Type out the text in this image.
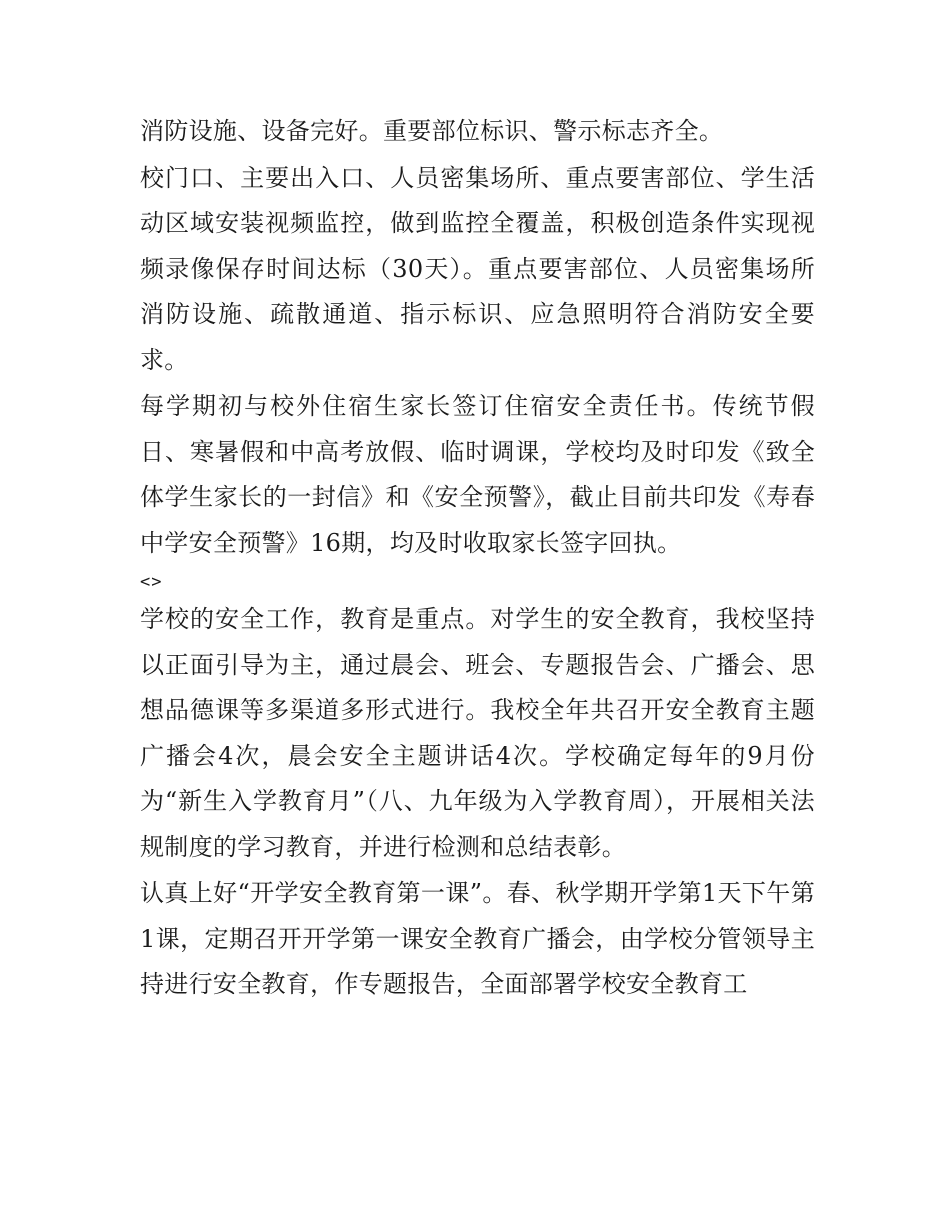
消防设施、设备完好。重要部位标识、警示标志齐全。

校门口、主要出入口、人员密集场所、重点要害部位、学生活动区域安装视频监控，做到监控全覆盖，积极创造条件实现视频录像保存时间达标（30天）。重点要害部位、人员密集场所消防设施、疏散通道、指示标识、应急照明符合消防安全要求。

每学期初与校外住宿生家长签订住宿安全责任书。传统节假日、寒暑假和中高考放假、临时调课，学校均及时印发《致全体学生家长的一封信》和《安全预警》，截止目前共印发《寿春中学安全预警》16期，均及时收取家长签字回执。

<>

学校的安全工作，教育是重点。对学生的安全教育，我校坚持以正面引导为主，通过晨会、班会、专题报告会、广播会、思想品德课等多渠道多形式进行。我校全年共召开安全教育主题广播会4次，晨会安全主题讲话4次。学校确定每年的9月份为“新生入学教育月”（八、九年级为入学教育周），开展相关法规制度的学习教育，并进行检测和总结表彰。

认真上好“开学安全教育第一课”。春、秋学期开学第1天下午第1课，定期召开开学第一课安全教育广播会，由学校分管领导主持进行安全教育，作专题报告，全面部署学校安全教育工
